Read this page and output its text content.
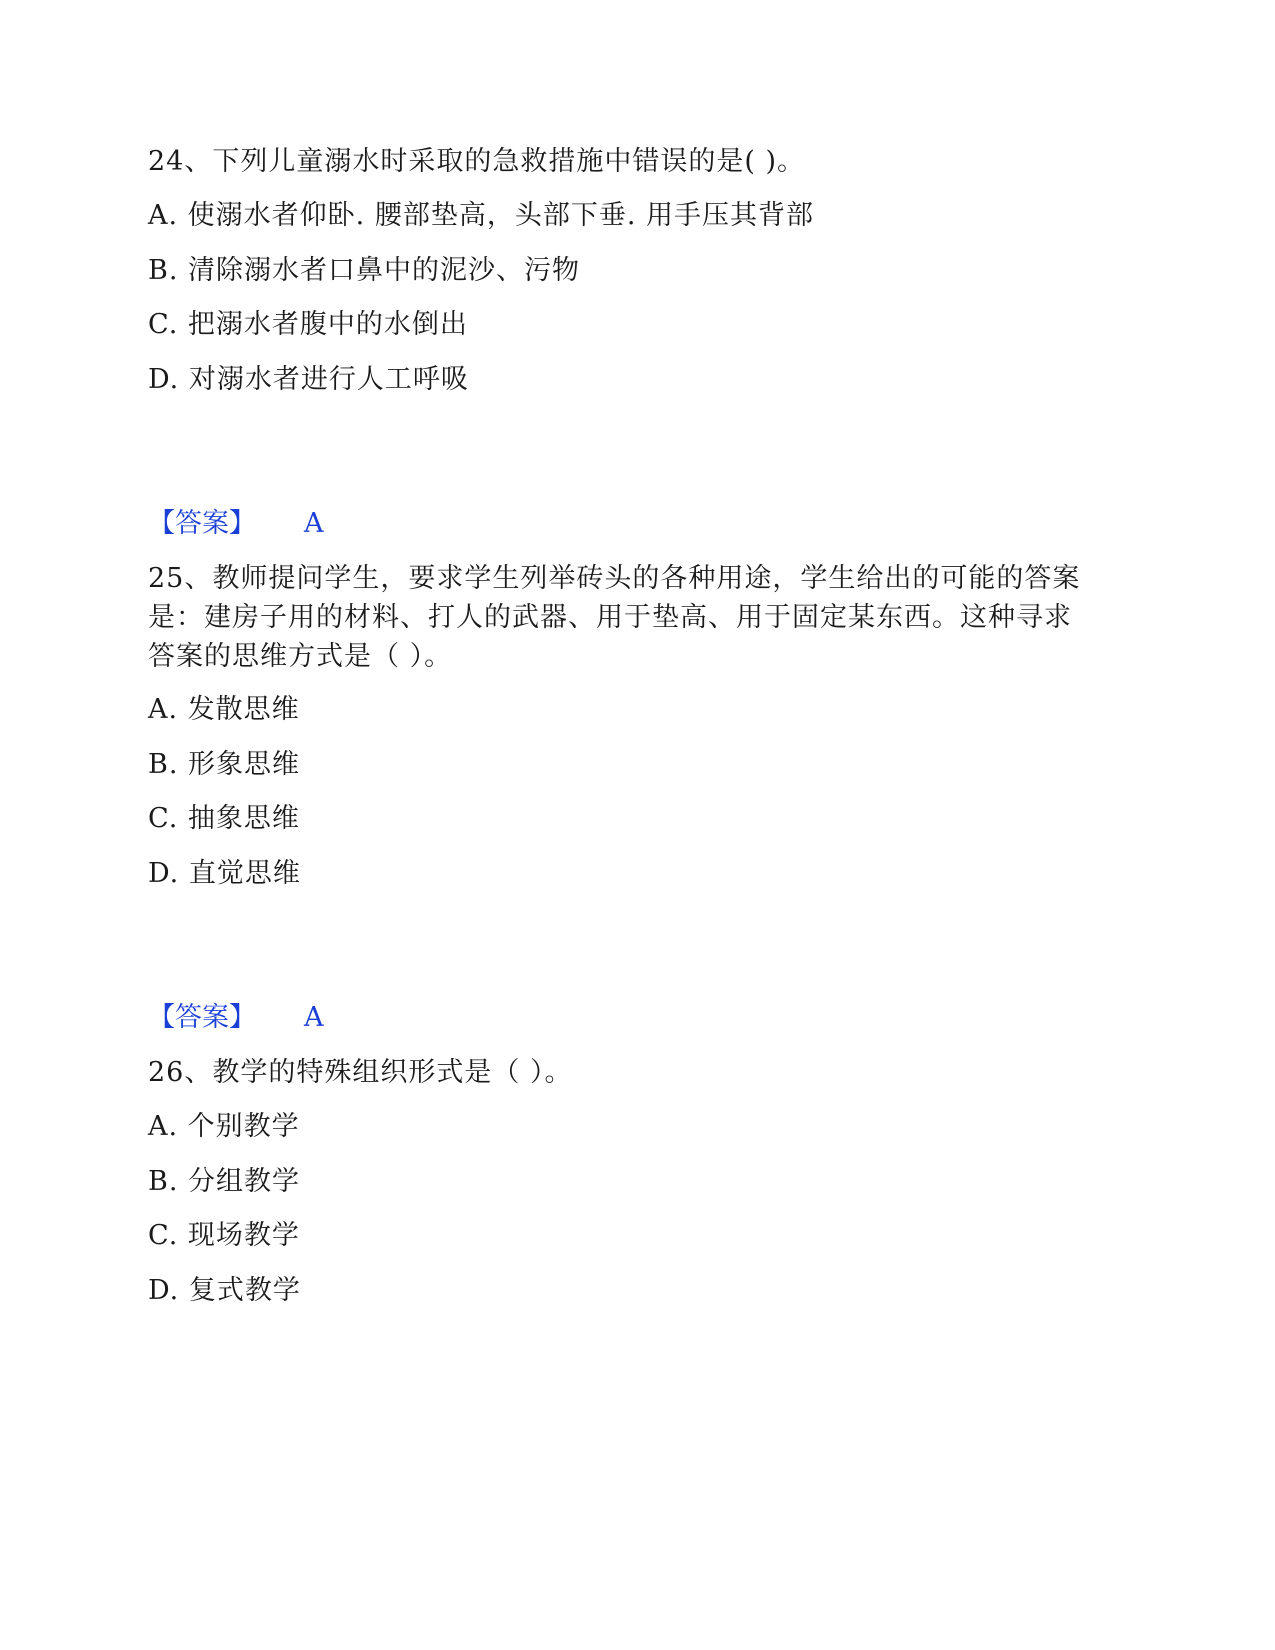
24、下列儿童溺水时采取的急救措施中错误的是( )。
A. 使溺水者仰卧. 腰部垫高，头部下垂. 用手压其背部
B. 清除溺水者口鼻中的泥沙、污物
C. 把溺水者腹中的水倒出
D. 对溺水者进行人工呼吸
【答案】 A
25、教师提问学生，要求学生列举砖头的各种用途，学生给出的可能的答案
是：建房子用的材料、打人的武器、用于垫高、用于固定某东西。这种寻求
答案的思维方式是（ ）。
A. 发散思维
B. 形象思维
C. 抽象思维
D. 直觉思维
【答案】 A
26、教学的特殊组织形式是（ ）。
A. 个别教学
B. 分组教学
C. 现场教学
D. 复式教学
